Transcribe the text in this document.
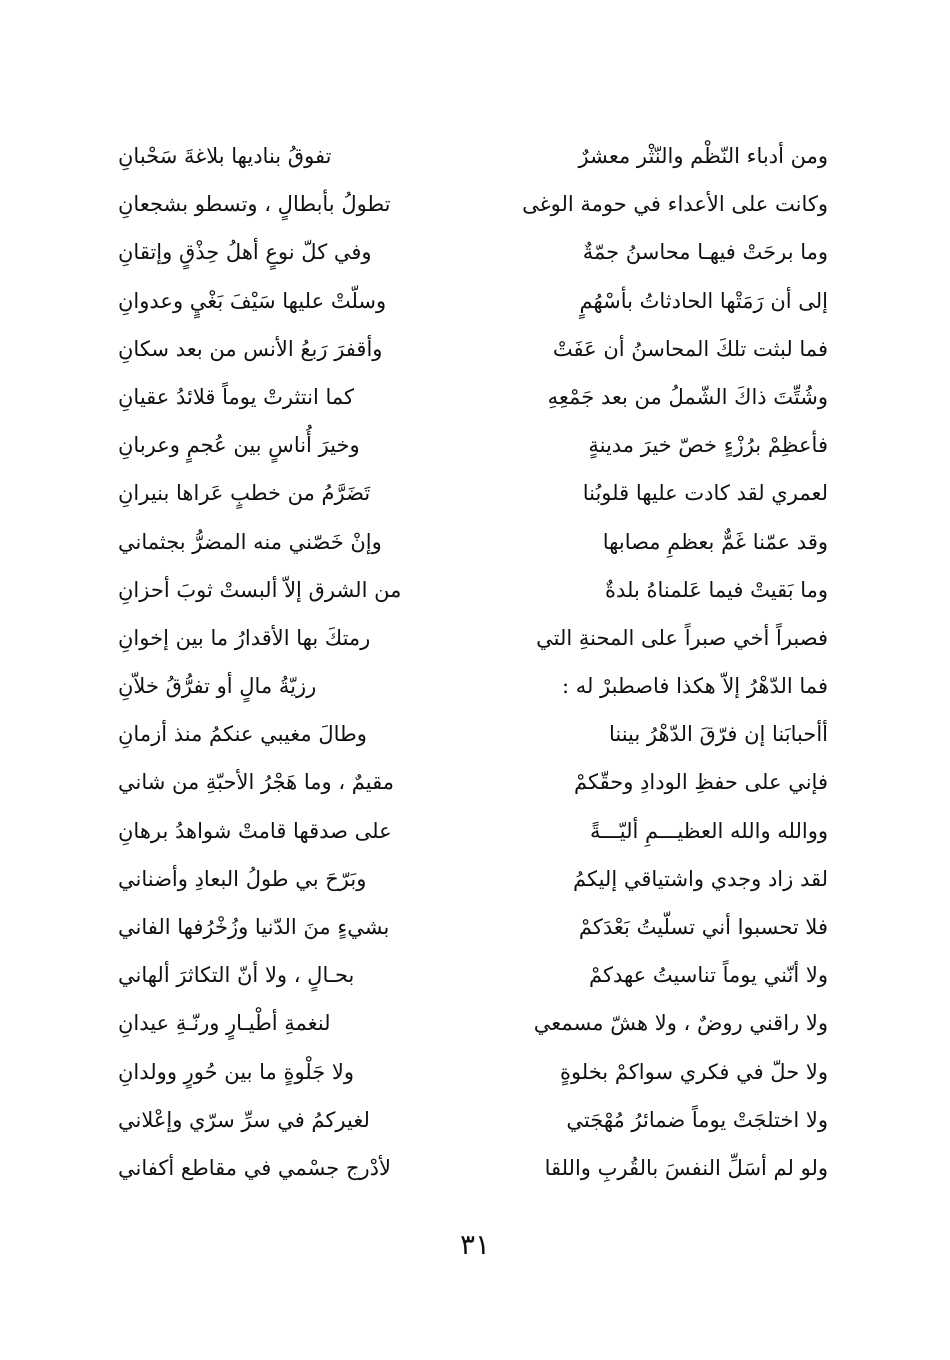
ومن أدباء النّظْم والنّثْر معشرٌ
تفوقُ بناديها بلاغةَ سَحْبانِ
وكانت على الأعداء في حومة الوغى
تطولُ بأبطالٍ ، وتسطو بشجعانِ
وما برحَتْ فيهـا محاسنُ جمّةٌ
وفي كلّ نوعٍ أهلُ حِذْقٍ وإتقانِ
إلى أن رَمَتْها الحادثاتُ بأسْهُمٍ
وسلّتْ عليها سَيْفَ بَغْيٍ وعدوانِ
فما لبثت تلكَ المحاسنُ أن عَفَتْ
وأقفرَ رَبعُ الأنس من بعد سكانِ
وشُتِّتَ ذاكَ الشّملُ من بعد جَمْعِهِ
كما انتثرتْ يوماً قلائدُ عقيانِ
فأعظِمْ برُزْءٍ خصّ خيرَ مدينةٍ
وخيرَ أُناسٍ بين عُجمٍ وعربانِ
لعمري لقد كادت عليها قلوبُنا
تَضَرَّمُ من خطبٍ عَراها بنيرانِ
وقد عمّنا غَمٌّ بعظمِ مصابها
وإنْ خَصّني منه المضرُّ بجثماني
وما بَقيتْ فيما عَلمناهُ بلدةٌ
من الشرق إلاّ ألبستْ ثوبَ أحزانِ
فصبراً أخي صبراً على المحنةِ التي
رمتكَ بها الأقدارُ ما بين إخوانِ
فما الدّهْرُ إلاّ هكذا فاصطبرْ له :
رزيّةُ مالٍ أو تفرُّقُ خلاّنِ
أأحبابَنا إن فرّقَ الدّهْرُ بيننا
وطالَ مغيبي عنكمُ منذ أزمانِ
فإني على حفظِ الودادِ وحقّكمْ
مقيمٌ ، وما هَجْرُ الأحبّةِ من شاني
ووالله والله العظيـــمِ أليّـــةً
على صدقها قامتْ شواهدُ برهانِ
لقد زاد وجدي واشتياقي إليكمُ
وبَرّحَ بي طولُ البعادِ وأضناني
فلا تحسبوا أني تسلّيتُ بَعْدَكمْ
بشيءٍ منَ الدّنيا وزُخْرُفها الفاني
ولا أنّني يوماً تناسيتُ عهدكمْ
بحـالٍ ، ولا أنّ التكاثرَ ألهاني
ولا راقني روضٌ ، ولا هشّ مسمعي
لنغمةِ أطْيـارٍ ورنّـةِ عيدانِ
ولا حلّ في فكري سواكمْ بخلوةٍ
ولا جَلْوةٍ ما بين حُورٍ وولدانِ
ولا اختلجَتْ يوماً ضمائرُ مُهْجَتي
لغيركمُ في سرِّ سرّي وإعْلاني
ولو لم أسَلِّ النفسَ بالقُربِ واللقا
لأدْرج جسْمي في مقاطع أكفاني
٣١
